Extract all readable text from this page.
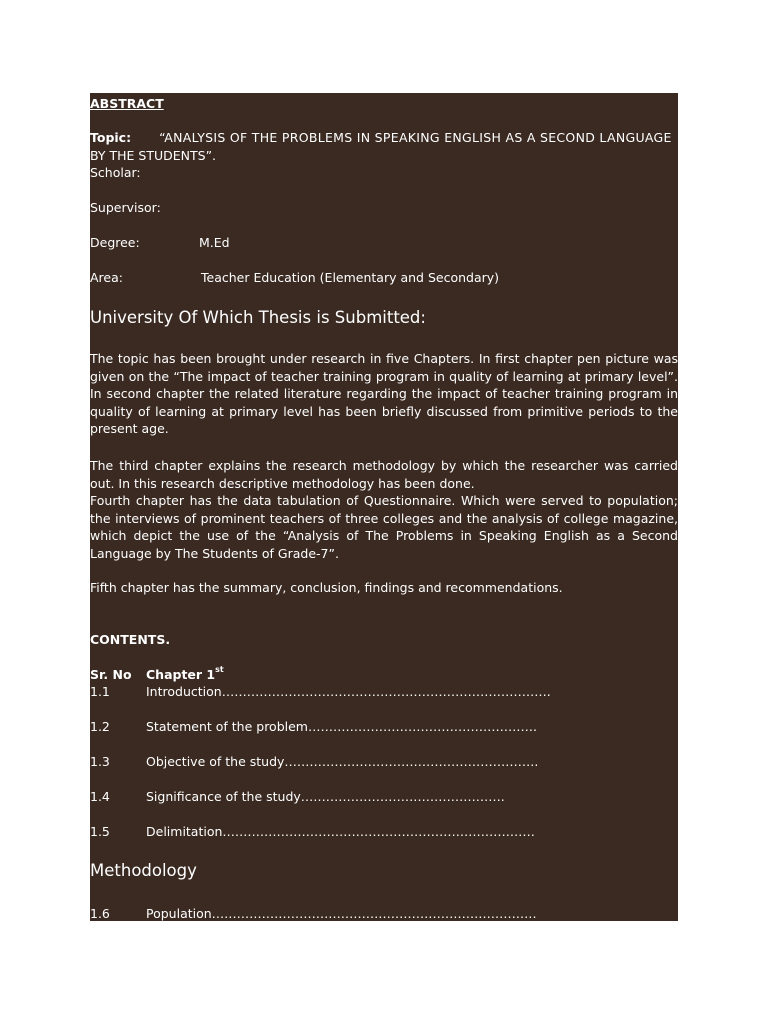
ABSTRACT
Topic: “ANALYSIS OF THE PROBLEMS IN SPEAKING ENGLISH AS A SECOND LANGUAGE
BY THE STUDENTS”.
Scholar:
Supervisor:
Degree:	M.Ed
Area:	Teacher Education (Elementary and Secondary)
University Of Which Thesis is Submitted:
The topic has been brought under research in five Chapters. In first chapter pen picture was
given on the “The impact of teacher training program in quality of learning at primary level”.
In second chapter the related literature regarding the impact of teacher training program in
quality of learning at primary level has been briefly discussed from primitive periods to the
present age.
The third chapter explains the research methodology by which the researcher was carried
out. In this research descriptive methodology has been done.
Fourth chapter has the data tabulation of Questionnaire. Which were served to population;
the interviews of prominent teachers of three colleges and the analysis of college magazine,
which depict the use of the “Analysis of The Problems in Speaking English as a Second
Language by The Students of Grade-7”.
Fifth chapter has the summary, conclusion, findings and recommendations.
CONTENTS.
Sr. No Chapter 1st
1.1	Introduction…………………………………………………………………….
1.2	Statement of the problem……………………………………………….
1.3	Objective of the study…………………………………………………….
1.4	Significance of the study………………………………………….
1.5	Delimitation…………………………………………………………………
Methodology
1.6	Population……………………………………………………………………
